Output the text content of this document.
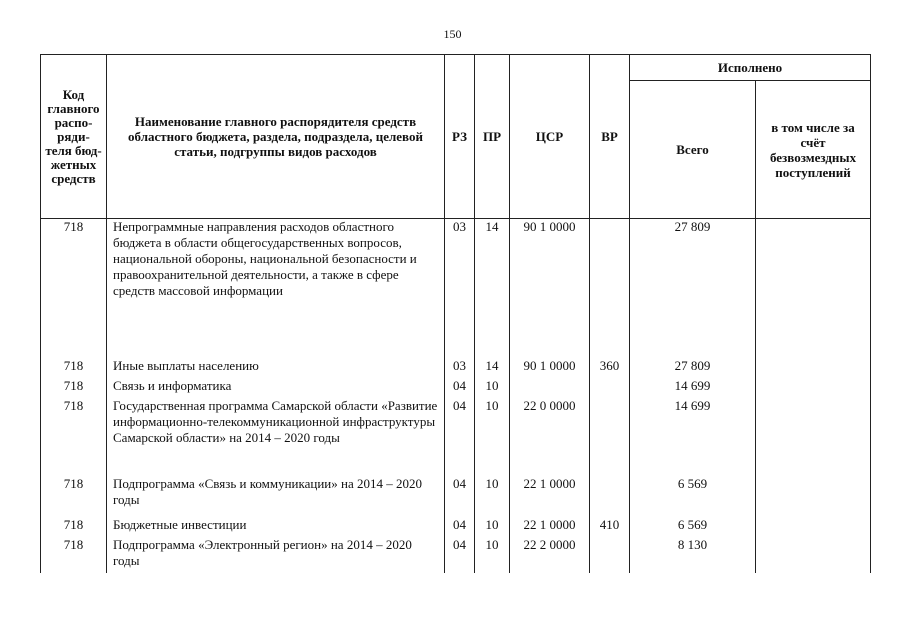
150
Код главного распо-ряди-теля бюд-жетных средств	Наименование главного распорядителя средств областного бюджета, раздела, подраздела, целевой статьи, подгруппы видов расходов	РЗ	ПР	ЦСР	ВР	Исполнено	
						Всего	в том числе за счёт безвозмездных поступлений
718	Непрограммные направления расходов областного бюджета в области общегосударственных вопросов, национальной обороны, национальной безопасности и правоохранительной деятельности, а также в сфере средств массовой информации	03	14	90 1 0000		27 809	
718	Иные выплаты населению	03	14	90 1 0000	360	27 809	
718	Связь и информатика	04	10			14 699	
718	Государственная программа Самарской области «Развитие информационно-телекоммуникационной инфраструктуры Самарской области» на 2014 – 2020 годы	04	10	22 0 0000		14 699	
718	Подпрограмма «Связь и коммуникации» на 2014 – 2020 годы	04	10	22 1 0000		6 569	
718	Бюджетные инвестиции	04	10	22 1 0000	410	6 569	
718	Подпрограмма «Электронный регион» на 2014 – 2020 годы	04	10	22 2 0000		8 130	
